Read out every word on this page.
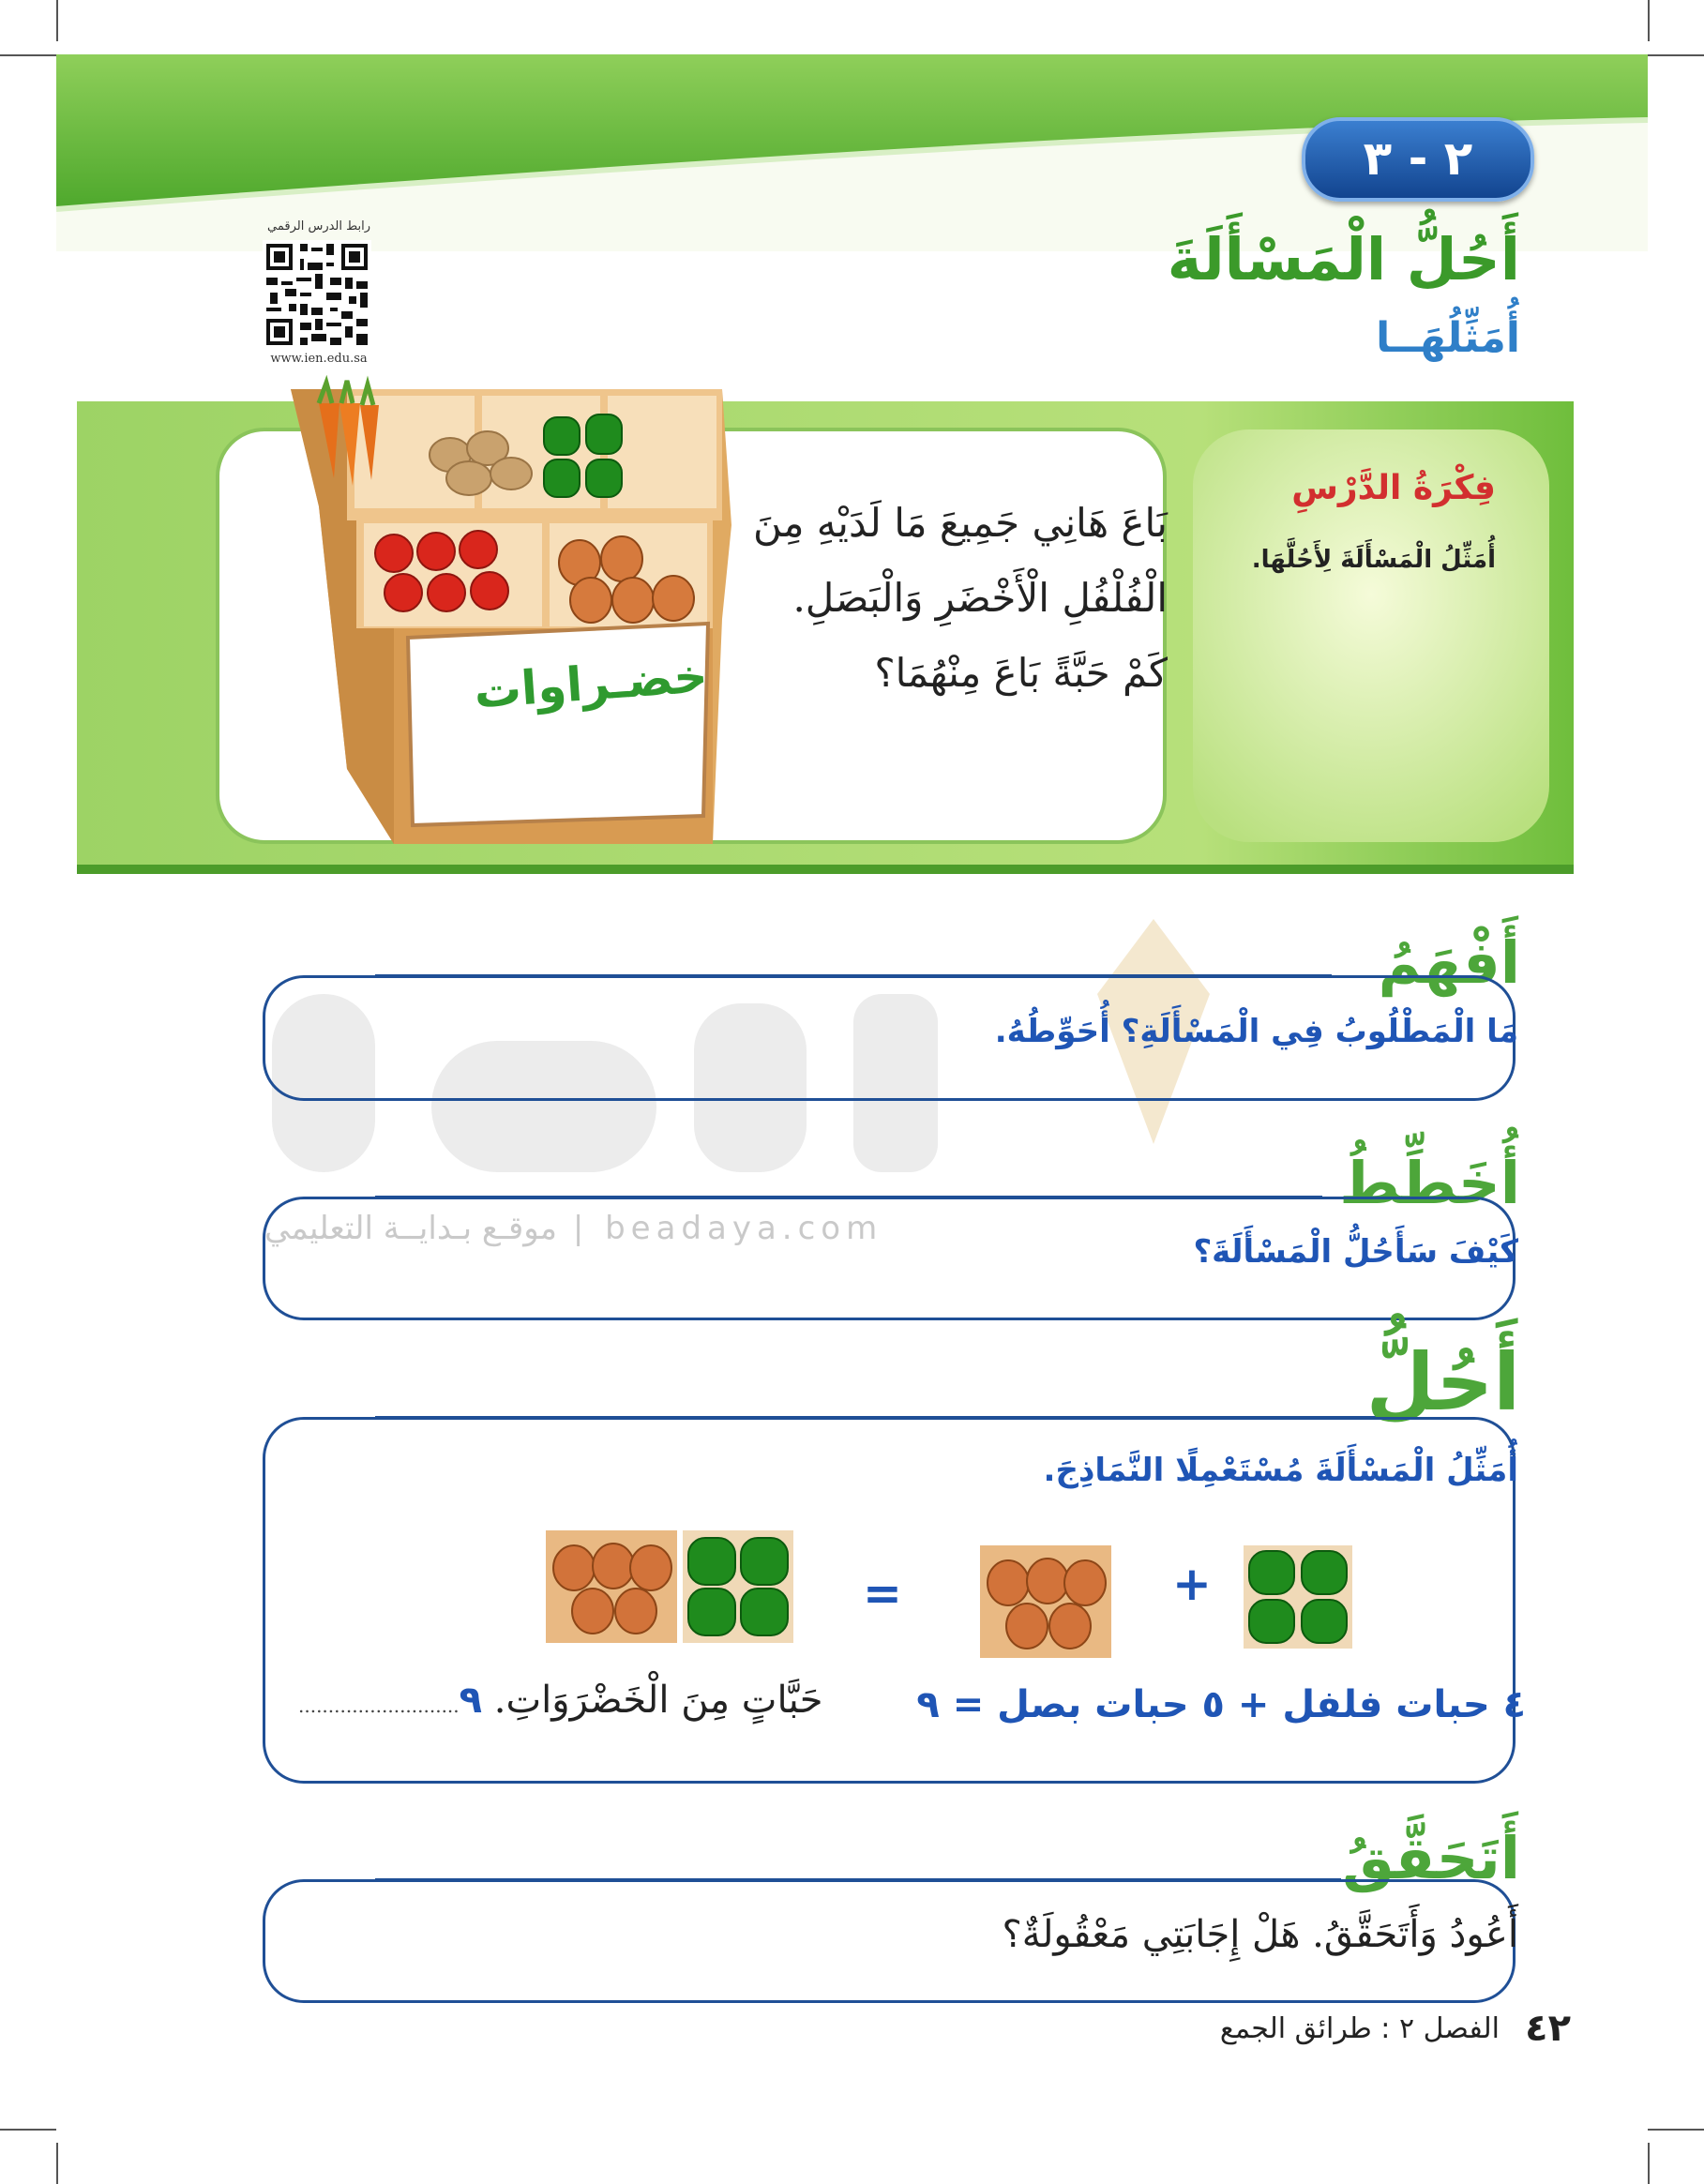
٢ - ٣
أَحُلُّ الْمَسْأَلَةَ
أُمَثِّلُهَــا
رابط الدرس الرقمي
www.ien.edu.sa
خضـراوات
فِكْرَةُ الدَّرْسِ
أُمَثِّلُ الْمَسْأَلَةَ لِأَحُلَّهَا.
بَاعَ هَانِي جَمِيعَ مَا لَدَيْهِ مِنَ
الْفُلْفُلِ الْأَخْضَرِ وَالْبَصَلِ.
كَمْ حَبَّةً بَاعَ مِنْهُمَا؟
beadaya.com | موقـع بـدايــة التعليمي
أَفْهَمُ
مَا الْمَطْلُوبُ فِي الْمَسْأَلَةِ؟ أُحَوِّطُهُ.
أُخَطِّطُ
كَيْفَ سَأَحُلُّ الْمَسْأَلَةَ؟
أَحُلُّ
أُمَثِّلُ الْمَسْأَلَةَ مُسْتَعْمِلًا النَّمَاذِجَ.
=	+
٤ حبات فلفل + ٥ حبات بصل = ٩
حَبَّاتٍ مِنَ الْخَضْرَوَاتِ. ٩...........................
أَتَحَقَّقُ
أَعُودُ وَأَتَحَقَّقُ. هَلْ إِجَابَتِي مَعْقُولَةٌ؟
٤٢
الفصل ٢ : طرائق الجمع
